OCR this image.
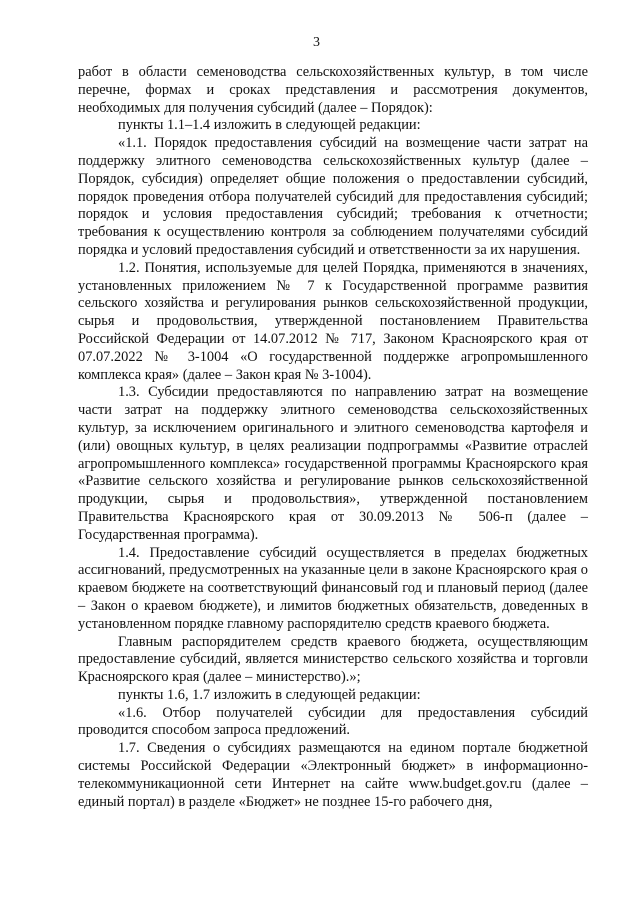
3

работ в области семеноводства сельскохозяйственных культур, в том числе перечне, формах и сроках представления и рассмотрения документов, необходимых для получения субсидий (далее – Порядок):

пункты 1.1–1.4 изложить в следующей редакции:

«1.1. Порядок предоставления субсидий на возмещение части затрат на поддержку элитного семеноводства сельскохозяйственных культур (далее – Порядок, субсидия) определяет общие положения о предоставлении субсидий, порядок проведения отбора получателей субсидий для предоставления субсидий; порядок и условия предоставления субсидий; требования к отчетности; требования к осуществлению контроля за соблюдением получателями субсидий порядка и условий предоставления субсидий и ответственности за их нарушения.

1.2. Понятия, используемые для целей Порядка, применяются в значениях, установленных приложением № 7 к Государственной программе развития сельского хозяйства и регулирования рынков сельскохозяйственной продукции, сырья и продовольствия, утвержденной постановлением Правительства Российской Федерации от 14.07.2012 № 717, Законом Красноярского края от 07.07.2022 № 3-1004 «О государственной поддержке агропромышленного комплекса края» (далее – Закон края № 3-1004).

1.3. Субсидии предоставляются по направлению затрат на возмещение части затрат на поддержку элитного семеноводства сельскохозяйственных культур, за исключением оригинального и элитного семеноводства картофеля и (или) овощных культур, в целях реализации подпрограммы «Развитие отраслей агропромышленного комплекса» государственной программы Красноярского края «Развитие сельского хозяйства и регулирование рынков сельскохозяйственной продукции, сырья и продовольствия», утвержденной постановлением Правительства Красноярского края от 30.09.2013 № 506-п (далее – Государственная программа).

1.4. Предоставление субсидий осуществляется в пределах бюджетных ассигнований, предусмотренных на указанные цели в законе Красноярского края о краевом бюджете на соответствующий финансовый год и плановый период (далее – Закон о краевом бюджете), и лимитов бюджетных обязательств, доведенных в установленном порядке главному распорядителю средств краевого бюджета.

Главным распорядителем средств краевого бюджета, осуществляющим предоставление субсидий, является министерство сельского хозяйства и торговли Красноярского края (далее – министерство).»;

пункты 1.6, 1.7 изложить в следующей редакции:

«1.6. Отбор получателей субсидии для предоставления субсидий проводится способом запроса предложений.

1.7. Сведения о субсидиях размещаются на едином портале бюджетной системы Российской Федерации «Электронный бюджет» в информационно-телекоммуникационной сети Интернет на сайте www.budget.gov.ru (далее – единый портал) в разделе «Бюджет» не позднее 15-го рабочего дня,
